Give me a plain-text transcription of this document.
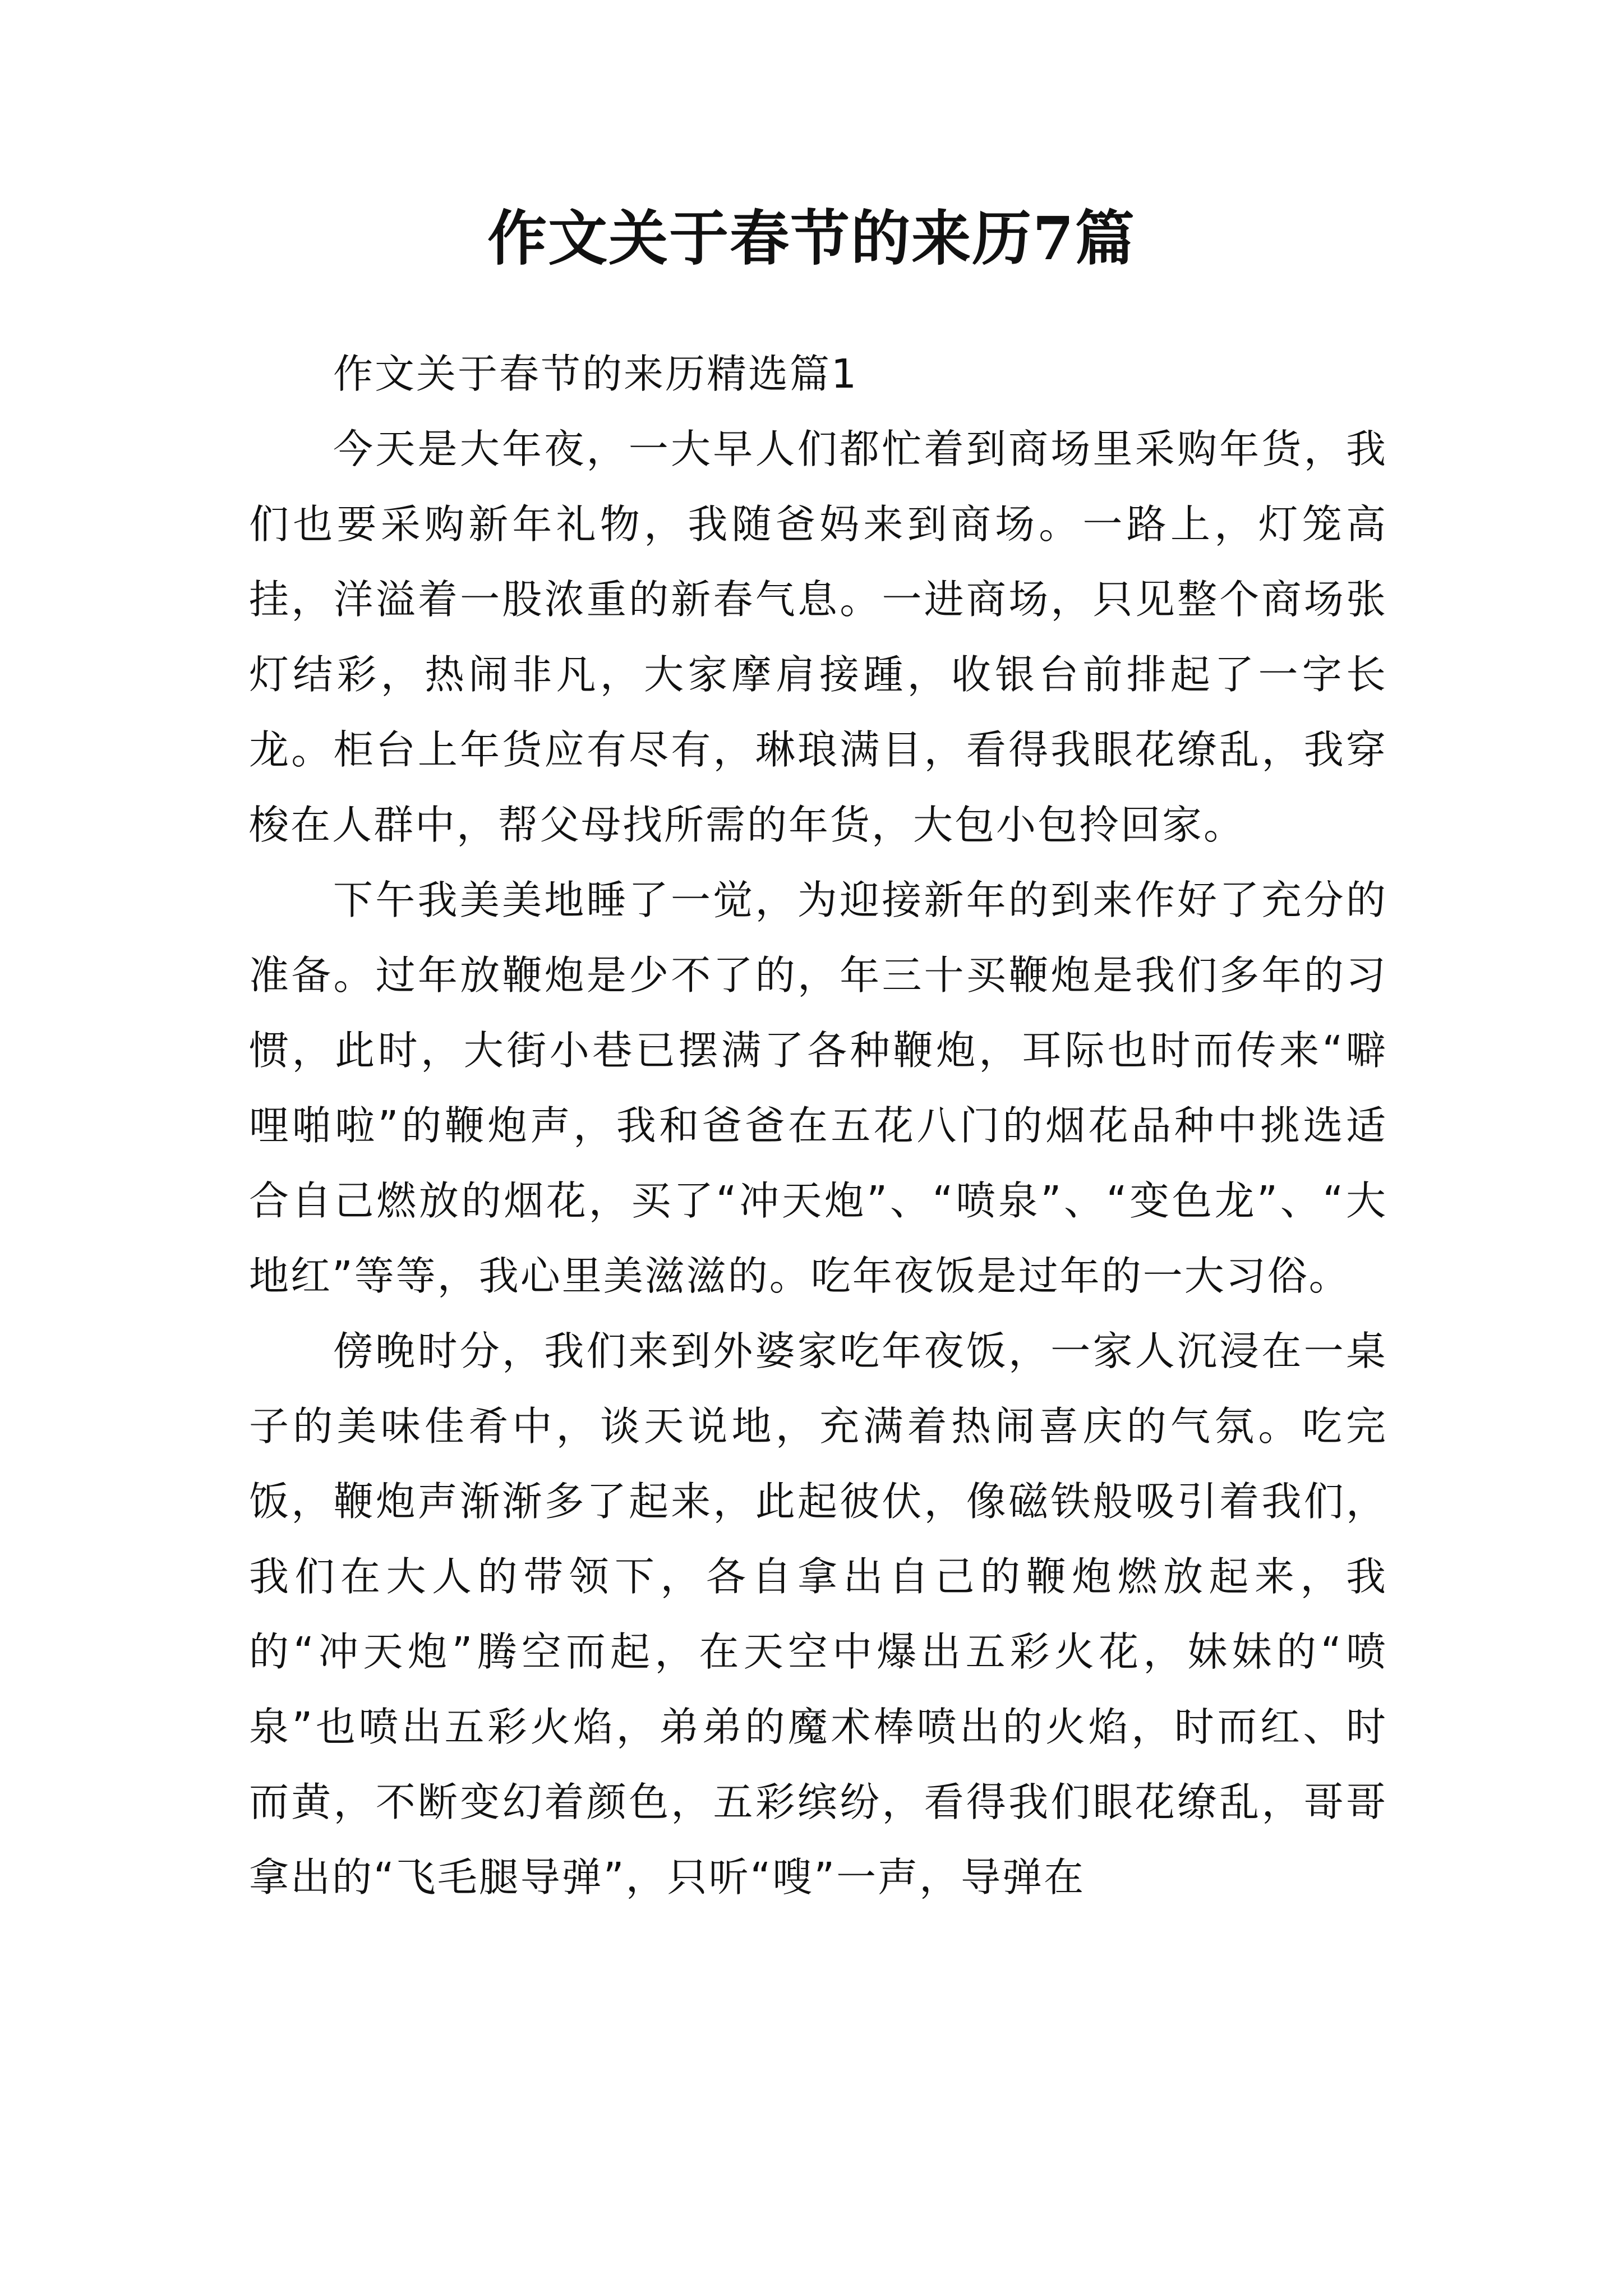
作文关于春节的来历7篇
作文关于春节的来历精选篇1

今天是大年夜，一大早人们都忙着到商场里采购年货，我们也要采购新年礼物，我随爸妈来到商场。一路上，灯笼高挂，洋溢着一股浓重的新春气息。一进商场，只见整个商场张灯结彩，热闹非凡，大家摩肩接踵，收银台前排起了一字长龙。柜台上年货应有尽有，琳琅满目，看得我眼花缭乱，我穿梭在人群中，帮父母找所需的年货，大包小包拎回家。

下午我美美地睡了一觉，为迎接新年的到来作好了充分的准备。过年放鞭炮是少不了的，年三十买鞭炮是我们多年的习惯，此时，大街小巷已摆满了各种鞭炮，耳际也时而传来“噼哩啪啦”的鞭炮声，我和爸爸在五花八门的烟花品种中挑选适合自己燃放的烟花，买了“冲天炮”、“喷泉”、“变色龙”、“大地红”等等，我心里美滋滋的。吃年夜饭是过年的一大习俗。

傍晚时分，我们来到外婆家吃年夜饭，一家人沉浸在一桌子的美味佳肴中，谈天说地，充满着热闹喜庆的气氛。吃完饭，鞭炮声渐渐多了起来，此起彼伏，像磁铁般吸引着我们，我们在大人的带领下，各自拿出自己的鞭炮燃放起来，我的“冲天炮”腾空而起，在天空中爆出五彩火花，妹妹的“喷泉”也喷出五彩火焰，弟弟的魔术棒喷出的火焰，时而红、时而黄，不断变幻着颜色，五彩缤纷，看得我们眼花缭乱，哥哥拿出的“飞毛腿导弹”，只听“嗖”一声，导弹在
